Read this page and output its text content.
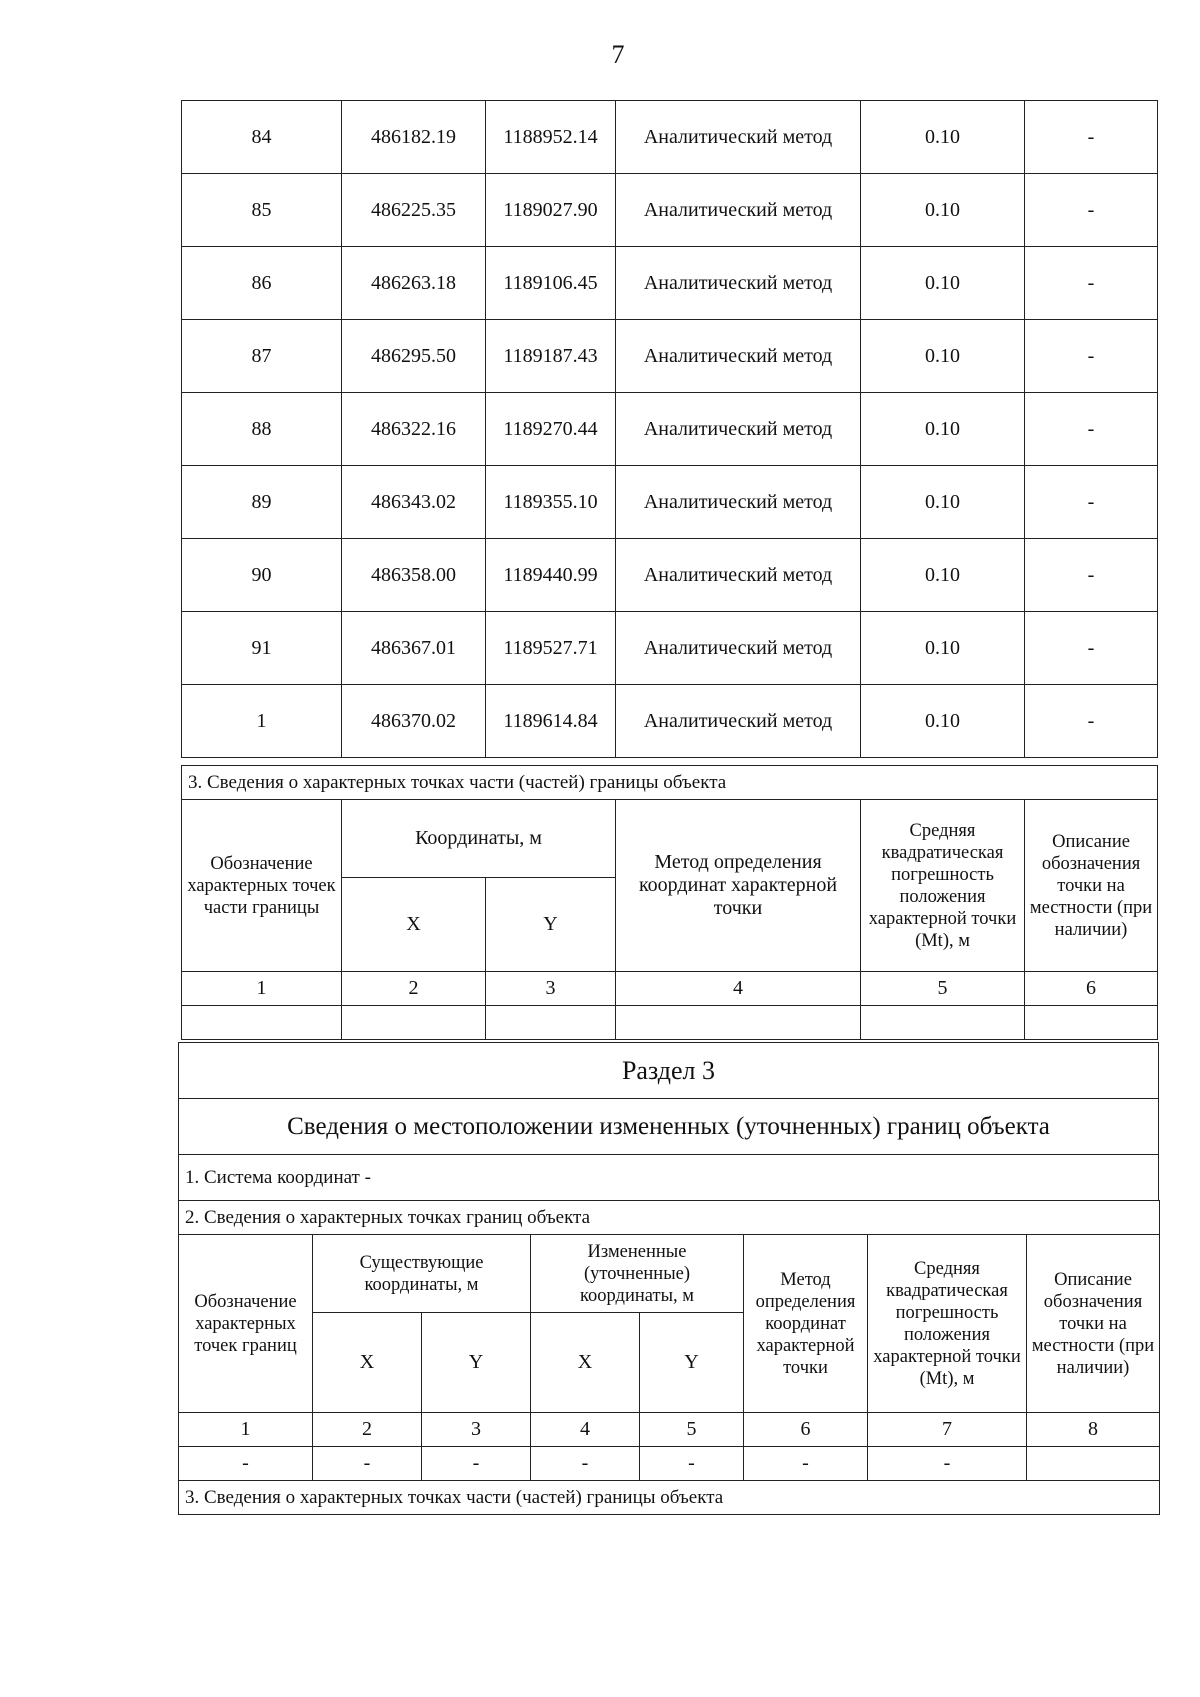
7
84	486182.19	1188952.14	Аналитический метод	0.10	-
85	486225.35	1189027.90	Аналитический метод	0.10	-
86	486263.18	1189106.45	Аналитический метод	0.10	-
87	486295.50	1189187.43	Аналитический метод	0.10	-
88	486322.16	1189270.44	Аналитический метод	0.10	-
89	486343.02	1189355.10	Аналитический метод	0.10	-
90	486358.00	1189440.99	Аналитический метод	0.10	-
91	486367.01	1189527.71	Аналитический метод	0.10	-
1	486370.02	1189614.84	Аналитический метод	0.10	-
3. Сведения о характерных точках части (частей) границы объекта					
Обозначение характерных точек части границы	Координаты, м		Метод определения координат характерной точки	Средняя квадратическая погрешность положения характерной точки (Mt), м	Описание обозначения точки на местности (при наличии)
	X	Y			
1	2	3	4	5	6

Раздел 3
Сведения о местоположении измененных (уточненных) границ объекта
1. Система координат -
2. Сведения о характерных точках границ объекта							
Обозначение характерных точек границ	Существующие координаты, м		Измененные (уточненные) координаты, м		Метод определения координат характерной точки	Средняя квадратическая погрешность положения характерной точки (Mt), м	Описание обозначения точки на местности (при наличии)
	X	Y	X	Y			
1	2	3	4	5	6	7	8
-	-	-	-	-	-	-	
3. Сведения о характерных точках части (частей) границы объекта							
